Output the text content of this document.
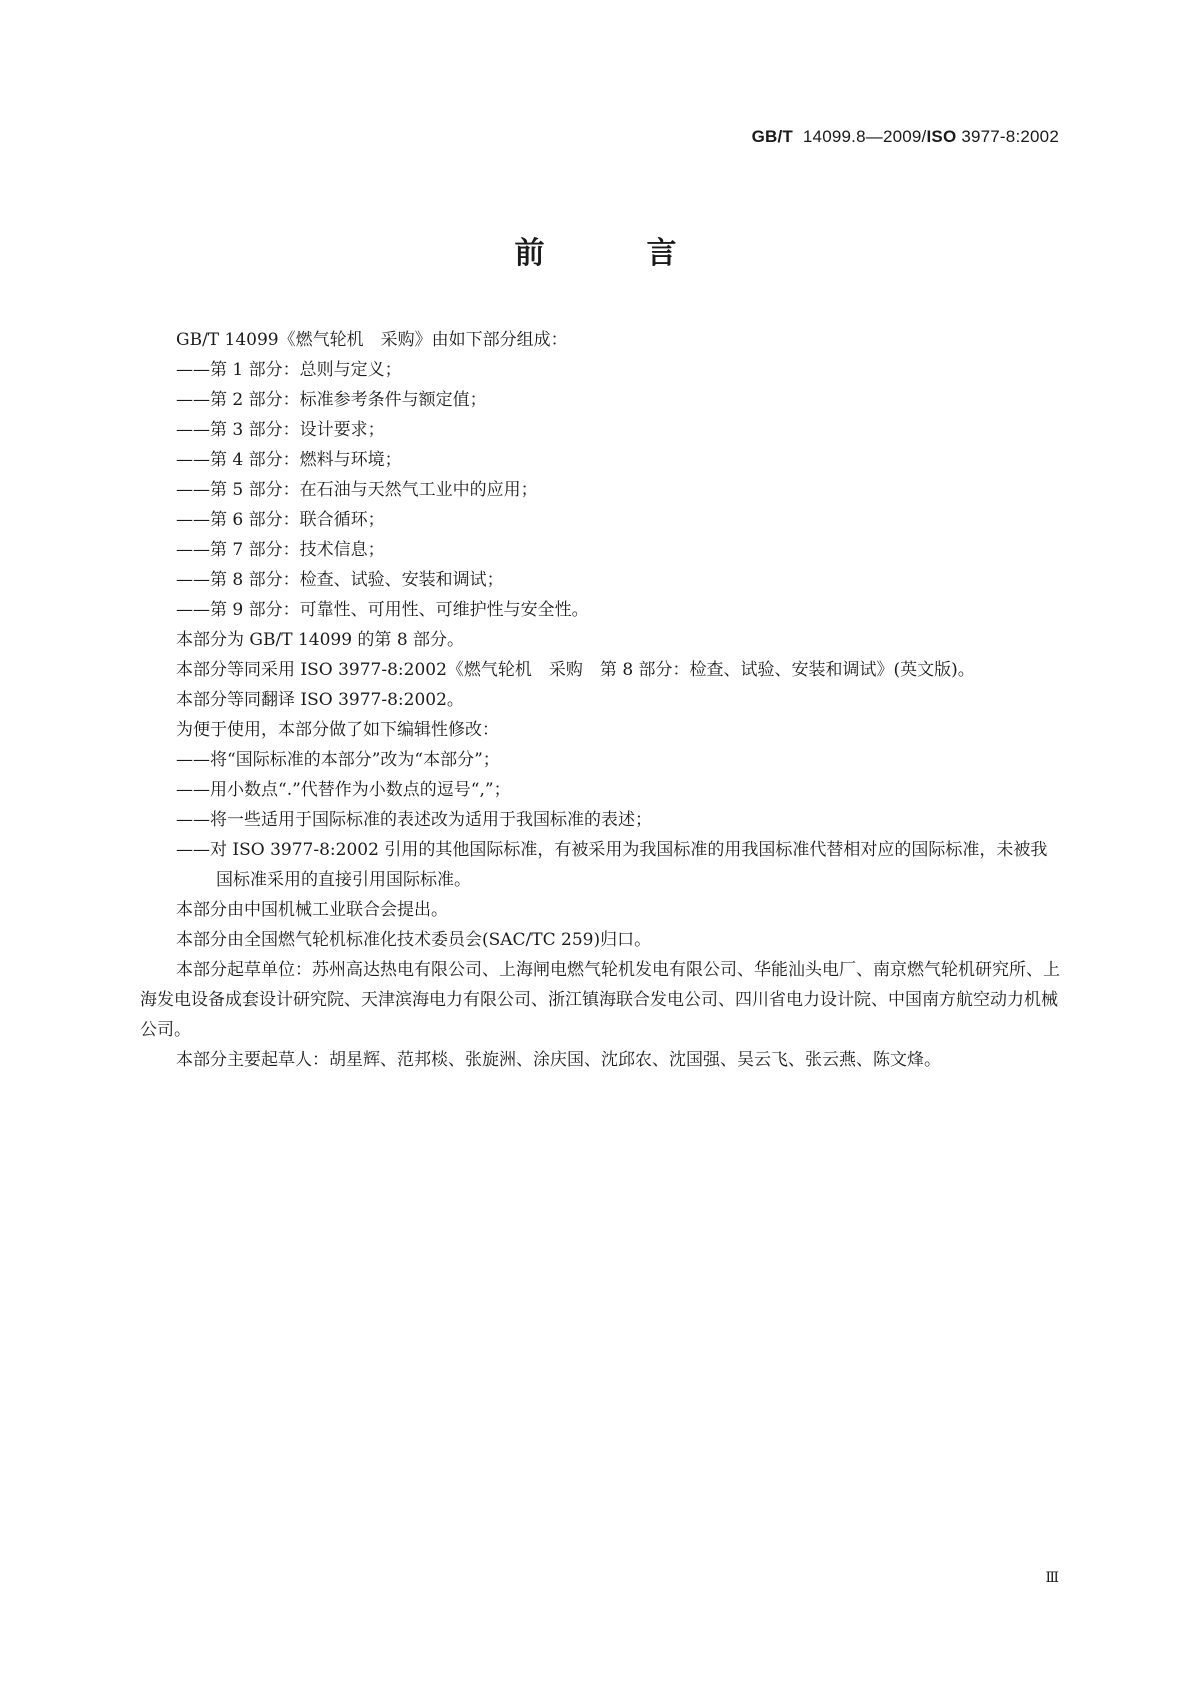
GB/T 14099.8—2009/ISO 3977-8:2002
前　言

GB/T 14099《燃气轮机　采购》由如下部分组成：

——第 1 部分：总则与定义；

——第 2 部分：标准参考条件与额定值；

——第 3 部分：设计要求；

——第 4 部分：燃料与环境；

——第 5 部分：在石油与天然气工业中的应用；

——第 6 部分：联合循环；

——第 7 部分：技术信息；

——第 8 部分：检查、试验、安装和调试；

——第 9 部分：可靠性、可用性、可维护性与安全性。

本部分为 GB/T 14099 的第 8 部分。

本部分等同采用 ISO 3977-8:2002《燃气轮机　采购　第 8 部分：检查、试验、安装和调试》(英文版)。

本部分等同翻译 ISO 3977-8:2002。

为便于使用，本部分做了如下编辑性修改：

——将“国际标准的本部分”改为“本部分”；

——用小数点“.”代替作为小数点的逗号“,”；

——将一些适用于国际标准的表述改为适用于我国标准的表述；

——对 ISO 3977-8:2002 引用的其他国际标准，有被采用为我国标准的用我国标准代替相对应的国际标准，未被我国标准采用的直接引用国际标准。

本部分由中国机械工业联合会提出。

本部分由全国燃气轮机标准化技术委员会(SAC/TC 259)归口。

本部分起草单位：苏州高达热电有限公司、上海闸电燃气轮机发电有限公司、华能汕头电厂、南京燃气轮机研究所、上海发电设备成套设计研究院、天津滨海电力有限公司、浙江镇海联合发电公司、四川省电力设计院、中国南方航空动力机械公司。

本部分主要起草人：胡星辉、范邦棪、张旋洲、涂庆国、沈邱农、沈国强、吴云飞、张云燕、陈文烽。

Ⅲ
